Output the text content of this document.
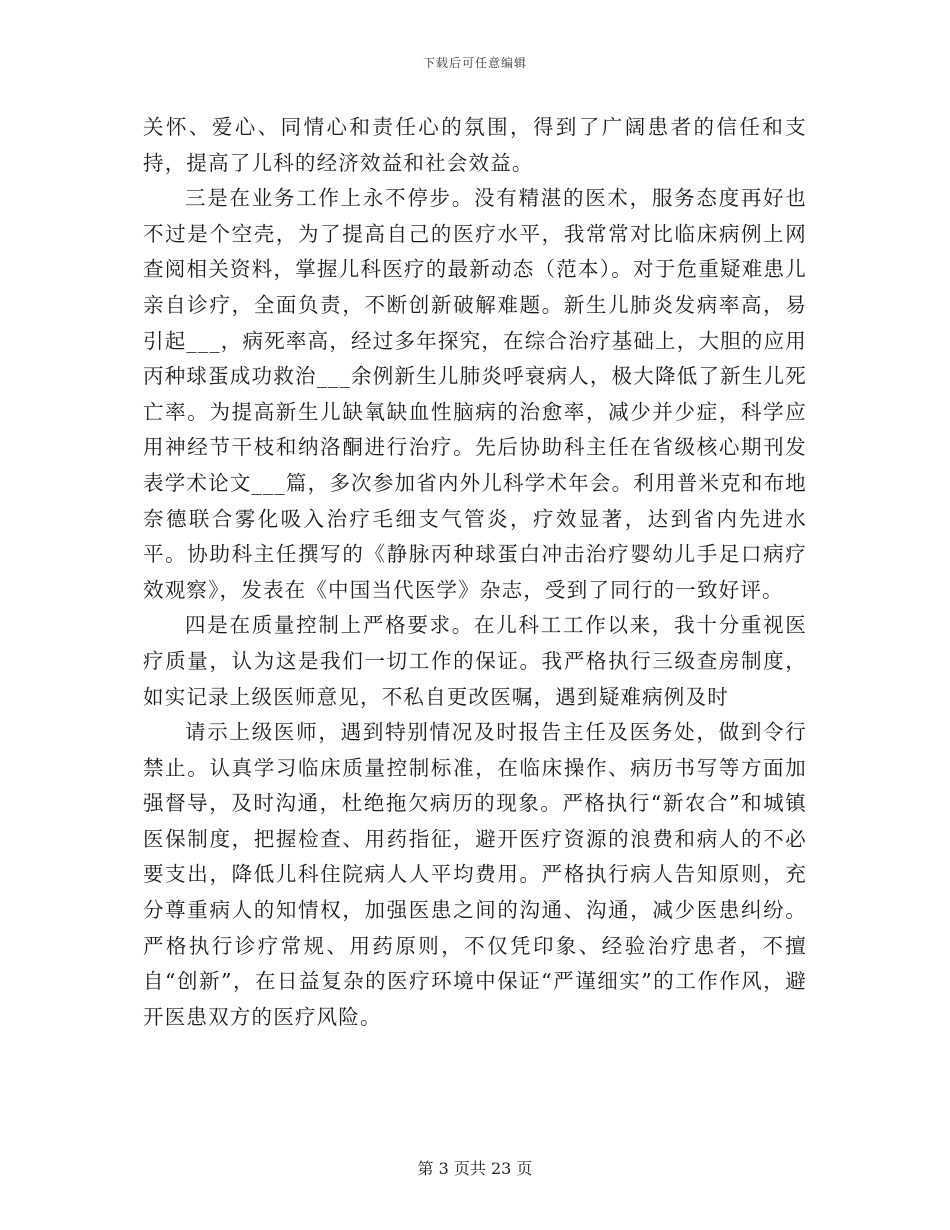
下载后可任意编辑

关怀、爱心、同情心和责任心的氛围，得到了广阔患者的信任和支持，提高了儿科的经济效益和社会效益。

三是在业务工作上永不停步。没有精湛的医术，服务态度再好也不过是个空壳，为了提高自己的医疗水平，我常常对比临床病例上网查阅相关资料，掌握儿科医疗的最新动态（范本）。对于危重疑难患儿亲自诊疗，全面负责，不断创新破解难题。新生儿肺炎发病率高，易引起___，病死率高，经过多年探究，在综合治疗基础上，大胆的应用丙种球蛋成功救治___余例新生儿肺炎呼衰病人，极大降低了新生儿死亡率。为提高新生儿缺氧缺血性脑病的治愈率，减少并少症，科学应用神经节干枝和纳洛酮进行治疗。先后协助科主任在省级核心期刊发表学术论文___篇，多次参加省内外儿科学术年会。利用普米克和布地奈德联合雾化吸入治疗毛细支气管炎，疗效显著，达到省内先进水平。协助科主任撰写的《静脉丙种球蛋白冲击治疗婴幼儿手足口病疗效观察》，发表在《中国当代医学》杂志，受到了同行的一致好评。

四是在质量控制上严格要求。在儿科工工作以来，我十分重视医疗质量，认为这是我们一切工作的保证。我严格执行三级查房制度，如实记录上级医师意见，不私自更改医嘱，遇到疑难病例及时

请示上级医师，遇到特别情况及时报告主任及医务处，做到令行禁止。认真学习临床质量控制标准，在临床操作、病历书写等方面加强督导，及时沟通，杜绝拖欠病历的现象。严格执行“新农合”和城镇医保制度，把握检查、用药指征，避开医疗资源的浪费和病人的不必要支出，降低儿科住院病人人平均费用。严格执行病人告知原则，充分尊重病人的知情权，加强医患之间的沟通、沟通，减少医患纠纷。严格执行诊疗常规、用药原则，不仅凭印象、经验治疗患者，不擅自“创新”，在日益复杂的医疗环境中保证“严谨细实”的工作作风，避开医患双方的医疗风险。

第 3 页共 23 页
